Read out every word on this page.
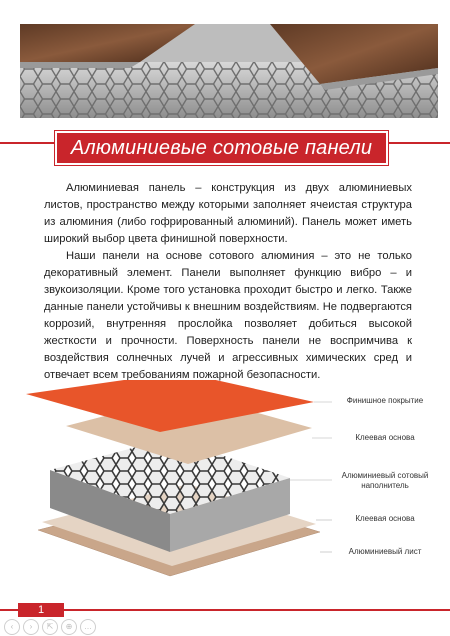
Алюминиевые сотовые панели

Алюминиевая панель – конструкция из двух алюминиевых листов, пространство между которыми заполняет ячеистая структура из алюминия (либо гофрированный алюминий). Панель может иметь широкий выбор цвета финишной поверхности.

Наши панели на основе сотового алюминия – это не только декоративный элемент. Панели выполняет функцию вибро – и звукоизоляции. Кроме того установка проходит быстро и легко. Также данные панели устойчивы к внешним воздействиям. Не подвергаются коррозий, внутренняя прослойка позволяет добиться высокой жесткости и прочности. Поверхность панели не воспримчива к воздействия солнечных лучей и агрессивных химических сред и отвечает всем требованиям пожарной безопасности.

Финишное покрытие
Клеевая основа
Алюминиевый сотовый наполнитель
Клеевая основа
Алюминиевый лист
1
‹	›	⇱	⊕	…
